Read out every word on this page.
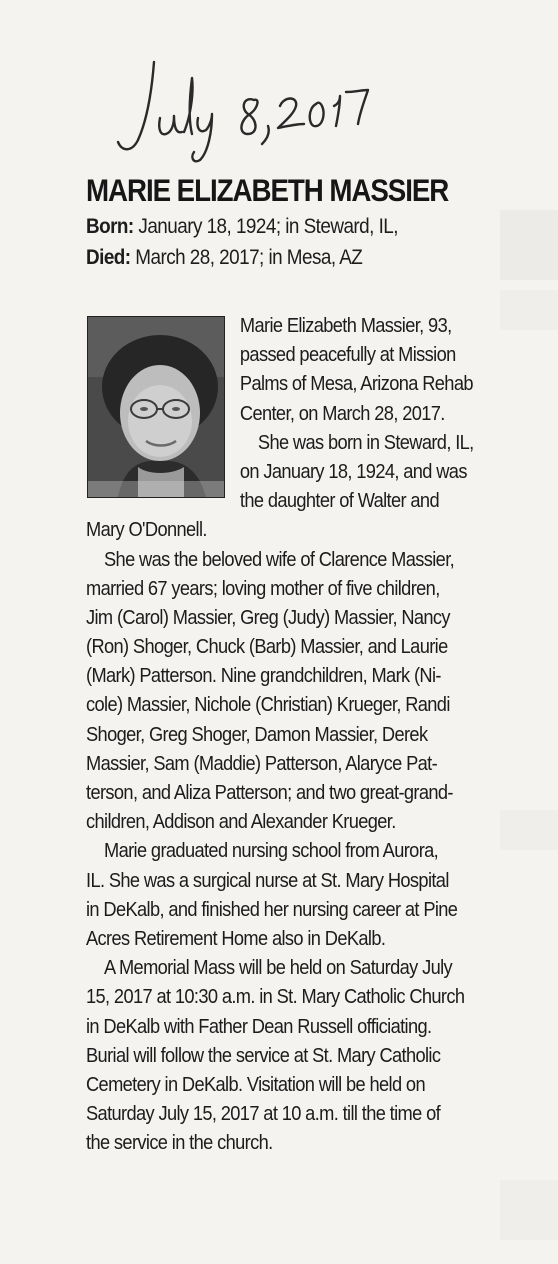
MARIE ELIZABETH MASSIER
Born: January 18, 1924; in Steward, IL,
Died: March 28, 2017; in Mesa, AZ
Marie Elizabeth Massier, 93,
passed peacefully at Mission
Palms of Mesa, Arizona Rehab
Center, on March 28, 2017.
She was born in Steward, IL,
on January 18, 1924, and was
the daughter of Walter and
Mary O'Donnell.
She was the beloved wife of Clarence Massier,
married 67 years; loving mother of five children,
Jim (Carol) Massier, Greg (Judy) Massier, Nancy
(Ron) Shoger, Chuck (Barb) Massier, and Laurie
(Mark) Patterson. Nine grandchildren, Mark (Ni-
cole) Massier, Nichole (Christian) Krueger, Randi
Shoger, Greg Shoger, Damon Massier, Derek
Massier, Sam (Maddie) Patterson, Alaryce Pat-
terson, and Aliza Patterson; and two great-grand-
children, Addison and Alexander Krueger.
Marie graduated nursing school from Aurora,
IL. She was a surgical nurse at St. Mary Hospital
in DeKalb, and finished her nursing career at Pine
Acres Retirement Home also in DeKalb.
A Memorial Mass will be held on Saturday July
15, 2017 at 10:30 a.m. in St. Mary Catholic Church
in DeKalb with Father Dean Russell officiating.
Burial will follow the service at St. Mary Catholic
Cemetery in DeKalb. Visitation will be held on
Saturday July 15, 2017 at 10 a.m. till the time of
the service in the church.
